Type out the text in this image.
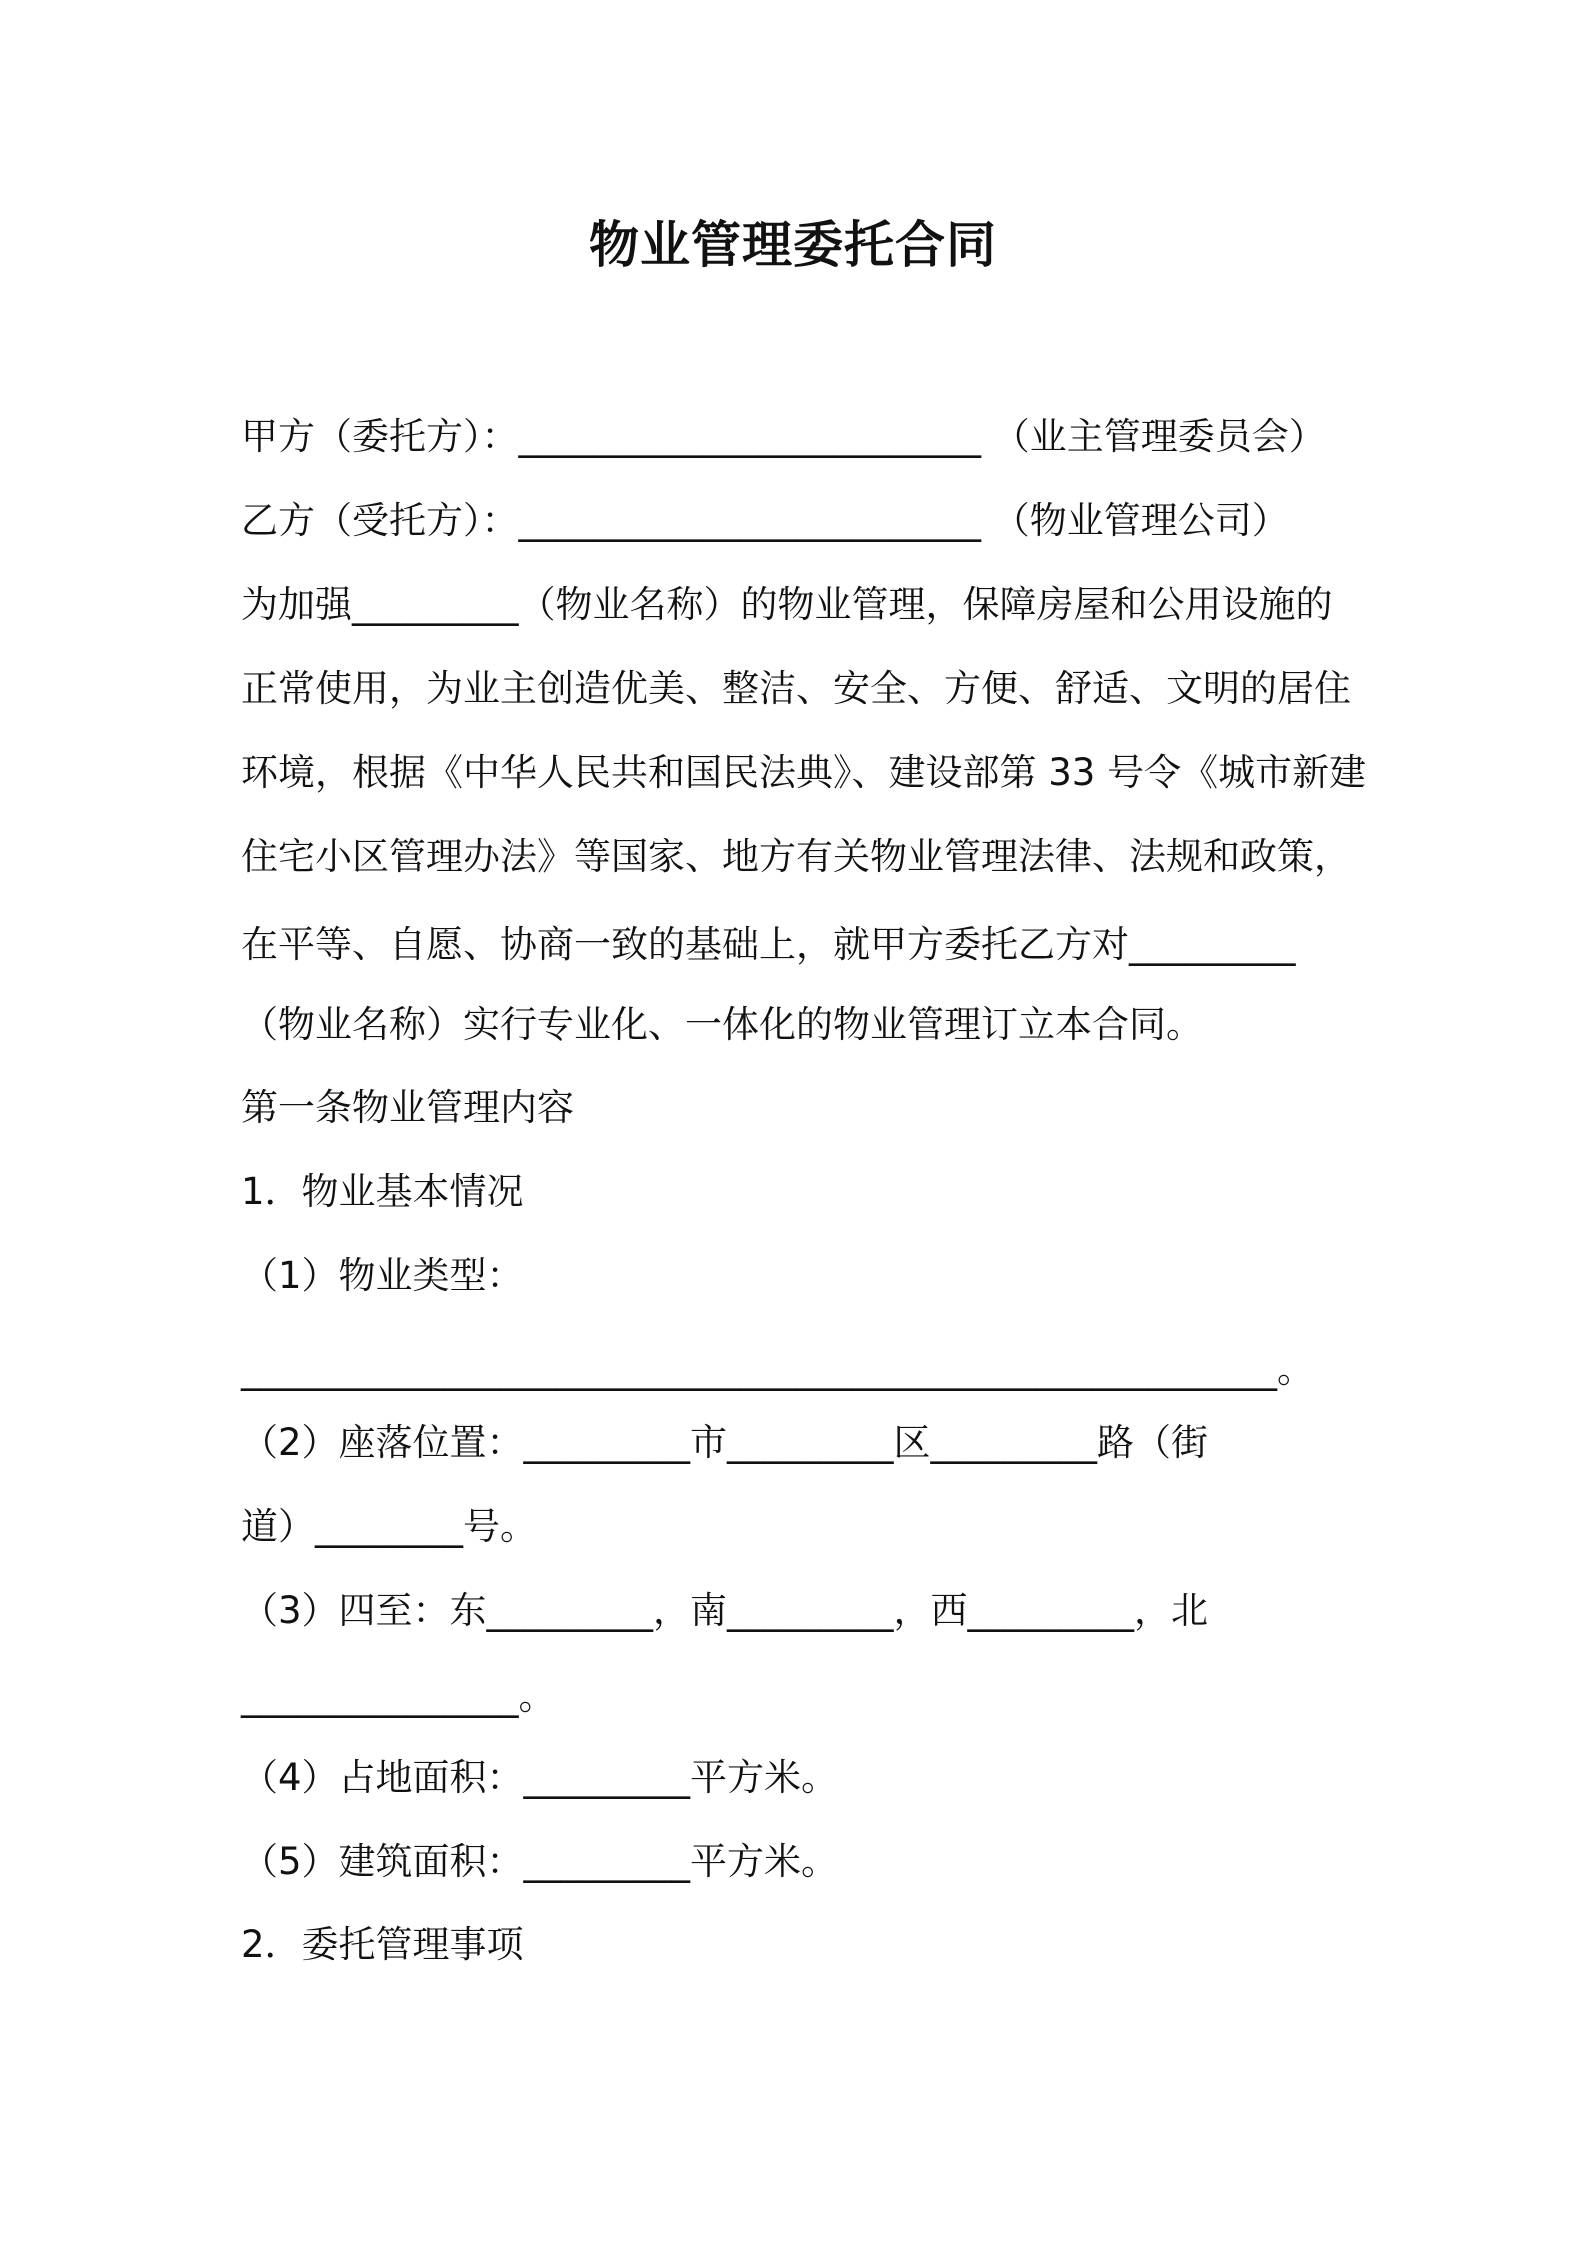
物业管理委托合同
甲方（委托方）：_________________________ （业主管理委员会）
乙方（受托方）：_________________________ （物业管理公司）
为加强_________（物业名称）的物业管理，保障房屋和公用设施的
正常使用，为业主创造优美、整洁、安全、方便、舒适、文明的居住
环境，根据《中华人民共和国民法典》、建设部第 33 号令《城市新建
住宅小区管理办法》等国家、地方有关物业管理法律、法规和政策，
在平等、自愿、协商一致的基础上，就甲方委托乙方对_________
（物业名称）实行专业化、一体化的物业管理订立本合同。
第一条物业管理内容
1．物业基本情况
（1）物业类型：
________________________________________________________。
（2）座落位置：_________市_________区_________路（街
道）________号。
（3）四至：东_________，南_________，西_________，北
_______________。
（4）占地面积：_________平方米。
（5）建筑面积：_________平方米。
2．委托管理事项
